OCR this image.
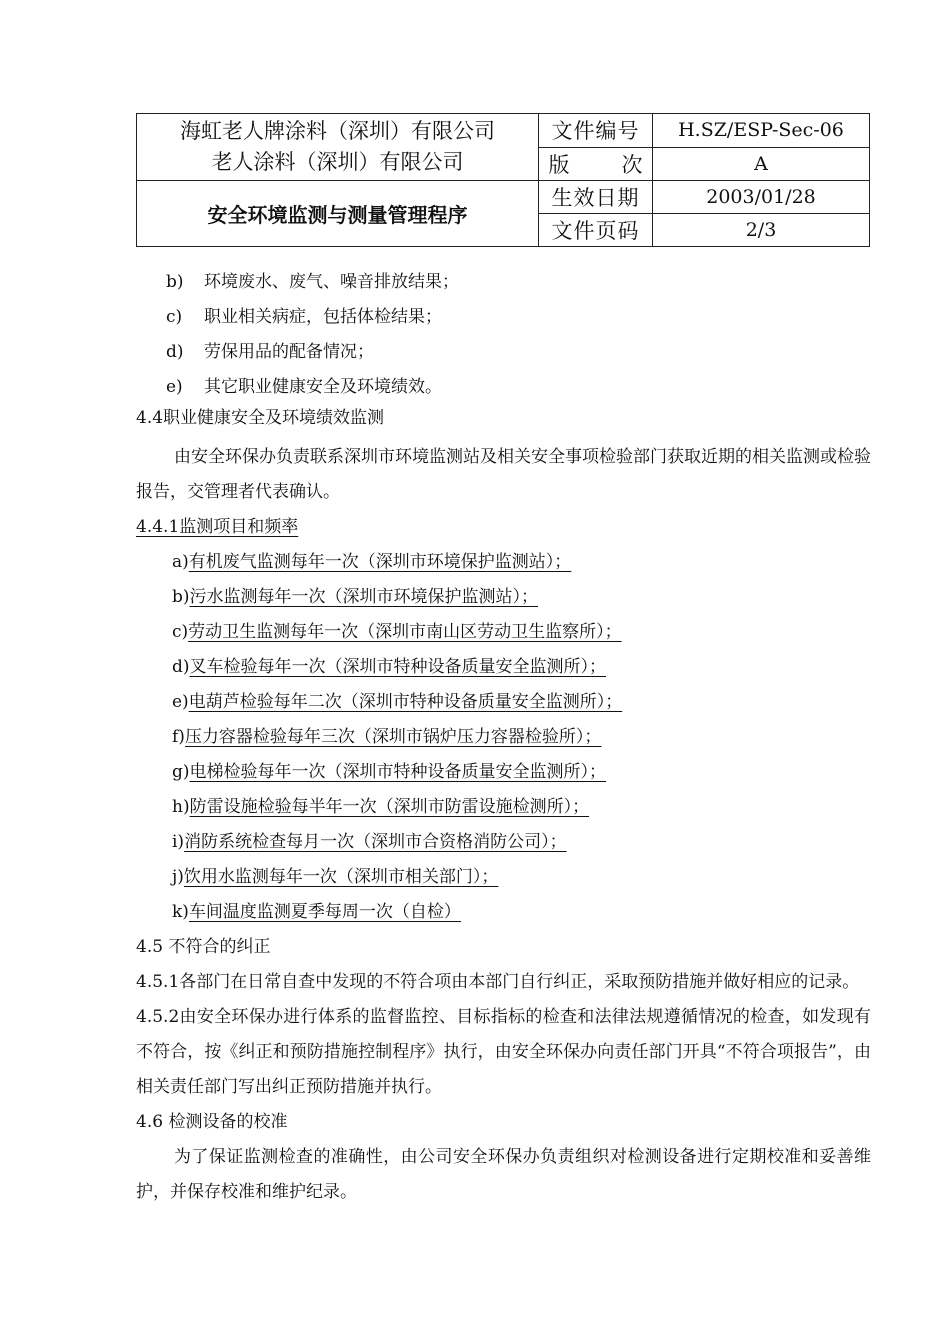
海虹老人牌涂料（深圳）有限公司
老人涂料（深圳）有限公司	文件编号	H.SZ/ESP-Sec-06
	版 次	A
安全环境监测与测量管理程序	生效日期	2003/01/28
	文件页码	2/3

b) 环境废水、废气、噪音排放结果；

c) 职业相关病症，包括体检结果；

d) 劳保用品的配备情况；

e) 其它职业健康安全及环境绩效。

4.4职业健康安全及环境绩效监测

由安全环保办负责联系深圳市环境监测站及相关安全事项检验部门获取近期的相关监测或检验报告，交管理者代表确认。

4.4.1监测项目和频率

a)有机废气监测每年一次（深圳市环境保护监测站）；

b)污水监测每年一次（深圳市环境保护监测站）；

c)劳动卫生监测每年一次（深圳市南山区劳动卫生监察所）；

d)叉车检验每年一次（深圳市特种设备质量安全监测所）；

e)电葫芦检验每年二次（深圳市特种设备质量安全监测所）；

f)压力容器检验每年三次（深圳市锅炉压力容器检验所）；

g)电梯检验每年一次（深圳市特种设备质量安全监测所）；

h)防雷设施检验每半年一次（深圳市防雷设施检测所）；

i)消防系统检查每月一次（深圳市合资格消防公司）；

j)饮用水监测每年一次（深圳市相关部门）；

k)车间温度监测夏季每周一次（自检）

4.5 不符合的纠正

4.5.1各部门在日常自查中发现的不符合项由本部门自行纠正，采取预防措施并做好相应的记录。

4.5.2由安全环保办进行体系的监督监控、目标指标的检查和法律法规遵循情况的检查，如发现有不符合，按《纠正和预防措施控制程序》执行，由安全环保办向责任部门开具“不符合项报告”，由相关责任部门写出纠正预防措施并执行。

4.6 检测设备的校准

为了保证监测检查的准确性，由公司安全环保办负责组织对检测设备进行定期校准和妥善维护，并保存校准和维护纪录。
